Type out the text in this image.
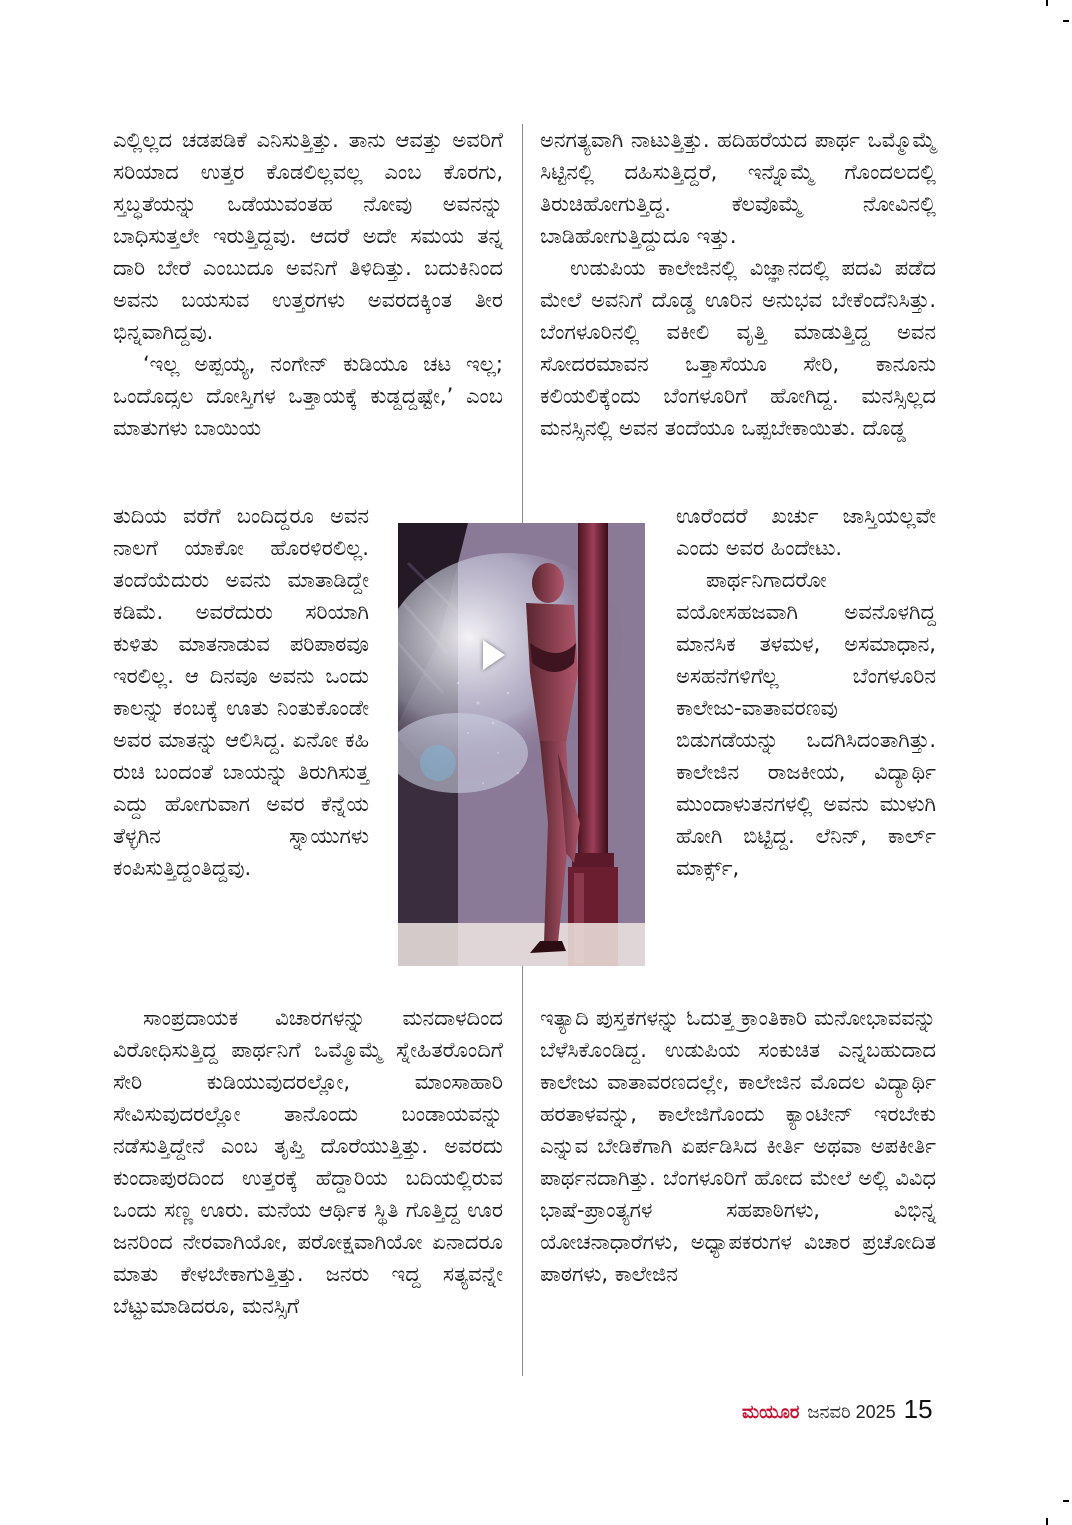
ಎಲ್ಲಿಲ್ಲದ ಚಡಪಡಿಕೆ ಎನಿಸುತ್ತಿತ್ತು. ತಾನು ಆವತ್ತು ಅವರಿಗೆ ಸರಿಯಾದ ಉತ್ತರ ಕೊಡಲಿಲ್ಲವಲ್ಲ ಎಂಬ ಕೊರಗು, ಸ್ತಬ್ಧತೆಯನ್ನು ಒಡೆಯುವಂತಹ ನೋವು ಅವನನ್ನು ಬಾಧಿಸುತ್ತಲೇ ಇರುತ್ತಿದ್ದವು. ಆದರೆ ಅದೇ ಸಮಯ ತನ್ನ ದಾರಿ ಬೇರೆ ಎಂಬುದೂ ಅವನಿಗೆ ತಿಳಿದಿತ್ತು. ಬದುಕಿನಿಂದ ಅವನು ಬಯಸುವ ಉತ್ತರಗಳು ಅವರದಕ್ಕಿಂತ ತೀರ ಭಿನ್ನವಾಗಿದ್ದವು.

‘ಇಲ್ಲ ಅಪ್ಪಯ್ಯ, ನಂಗೇನ್ ಕುಡಿಯೂ ಚಟ ಇಲ್ಲ; ಒಂದೊದ್ಸಲ ದೋಸ್ತಿಗಳ ಒತ್ತಾಯಕ್ಕೆ ಕುಡ್ದದ್ದಷ್ಟೇ,’ ಎಂಬ ಮಾತುಗಳು ಬಾಯಿಯ

ತುದಿಯ ವರೆಗೆ ಬಂದಿದ್ದರೂ ಅವನ ನಾಲಗೆ ಯಾಕೋ ಹೊರಳಿರಲಿಲ್ಲ. ತಂದೆಯೆದುರು ಅವನು ಮಾತಾಡಿದ್ದೇ ಕಡಿಮೆ. ಅವರೆದುರು ಸರಿಯಾಗಿ ಕುಳಿತು ಮಾತನಾಡುವ ಪರಿಪಾಠವೂ ಇರಲಿಲ್ಲ. ಆ ದಿನವೂ ಅವನು ಒಂದು ಕಾಲನ್ನು ಕಂಬಕ್ಕೆ ಊತು ನಿಂತುಕೊಂಡೇ ಅವರ ಮಾತನ್ನು ಆಲಿಸಿದ್ದ. ಏನೋ ಕಹಿ ರುಚಿ ಬಂದಂತೆ ಬಾಯನ್ನು ತಿರುಗಿಸುತ್ತ ಎದ್ದು ಹೋಗುವಾಗ ಅವರ ಕೆನ್ನೆಯ ತೆಳ್ಳಗಿನ ಸ್ನಾಯುಗಳು ಕಂಪಿಸುತ್ತಿದ್ದಂತಿದ್ದವು.

ಸಾಂಪ್ರದಾಯಕ ವಿಚಾರಗಳನ್ನು ಮನದಾಳದಿಂದ ವಿರೋಧಿಸುತ್ತಿದ್ದ ಪಾರ್ಥನಿಗೆ ಒಮ್ಮೊಮ್ಮೆ ಸ್ನೇಹಿತರೊಂದಿಗೆ ಸೇರಿ ಕುಡಿಯುವುದರಲ್ಲೋ, ಮಾಂಸಾಹಾರಿ ಸೇವಿಸುವುದರಲ್ಲೋ ತಾನೊಂದು ಬಂಡಾಯವನ್ನು ನಡೆಸುತ್ತಿದ್ದೇನೆ ಎಂಬ ತೃಪ್ತಿ ದೊರೆಯುತ್ತಿತ್ತು. ಅವರದು ಕುಂದಾಪುರದಿಂದ ಉತ್ತರಕ್ಕೆ ಹೆದ್ದಾರಿಯ ಬದಿಯಲ್ಲಿರುವ ಒಂದು ಸಣ್ಣ ಊರು. ಮನೆಯ ಆರ್ಥಿಕ ಸ್ಥಿತಿ ಗೊತ್ತಿದ್ದ ಊರ ಜನರಿಂದ ನೇರವಾಗಿಯೋ, ಪರೋಕ್ಷವಾಗಿಯೋ ಏನಾದರೂ ಮಾತು ಕೇಳಬೇಕಾಗುತ್ತಿತ್ತು. ಜನರು ಇದ್ದ ಸತ್ಯವನ್ನೇ ಬೆಟ್ಟುಮಾಡಿದರೂ, ಮನಸ್ಸಿಗೆ

ಅನಗತ್ಯವಾಗಿ ನಾಟುತ್ತಿತ್ತು. ಹದಿಹರೆಯದ ಪಾರ್ಥ ಒಮ್ಮೊಮ್ಮೆ ಸಿಟ್ಟಿನಲ್ಲಿ ದಹಿಸುತ್ತಿದ್ದರೆ, ಇನ್ನೊಮ್ಮೆ ಗೊಂದಲದಲ್ಲಿ ತಿರುಚಿಹೋಗುತ್ತಿದ್ದ. ಕೆಲವೊಮ್ಮೆ ನೋವಿನಲ್ಲಿ ಬಾಡಿಹೋಗುತ್ತಿದ್ದುದೂ ಇತ್ತು.

ಉಡುಪಿಯ ಕಾಲೇಜಿನಲ್ಲಿ ವಿಜ್ಞಾನದಲ್ಲಿ ಪದವಿ ಪಡೆದ ಮೇಲೆ ಅವನಿಗೆ ದೊಡ್ಡ ಊರಿನ ಅನುಭವ ಬೇಕೆಂದೆನಿಸಿತ್ತು. ಬೆಂಗಳೂರಿನಲ್ಲಿ ವಕೀಲಿ ವೃತ್ತಿ ಮಾಡುತ್ತಿದ್ದ ಅವನ ಸೋದರಮಾವನ ಒತ್ತಾಸೆಯೂ ಸೇರಿ, ಕಾನೂನು ಕಲಿಯಲಿಕ್ಕೆಂದು ಬೆಂಗಳೂರಿಗೆ ಹೋಗಿದ್ದ. ಮನಸ್ಸಿಲ್ಲದ ಮನಸ್ಸಿನಲ್ಲಿ ಅವನ ತಂದೆಯೂ ಒಪ್ಪಬೇಕಾಯಿತು. ದೊಡ್ಡ

ಊರೆಂದರೆ ಖರ್ಚು ಜಾಸ್ತಿಯಲ್ಲವೇ ಎಂದು ಅವರ ಹಿಂದೇಟು.

ಪಾರ್ಥನಿಗಾದರೋ ವಯೋಸಹಜವಾಗಿ ಅವನೊಳಗಿದ್ದ ಮಾನಸಿಕ ತಳಮಳ, ಅಸಮಾಧಾನ, ಅಸಹನೆಗಳಿಗೆಲ್ಲ ಬೆಂಗಳೂರಿನ ಕಾಲೇಜು-ವಾತಾವರಣವು ಬಿಡುಗಡೆಯನ್ನು ಒದಗಿಸಿದಂತಾಗಿತ್ತು. ಕಾಲೇಜಿನ ರಾಜಕೀಯ, ವಿದ್ಯಾರ್ಥಿ ಮುಂದಾಳುತನಗಳಲ್ಲಿ ಅವನು ಮುಳುಗಿ ಹೋಗಿ ಬಿಟ್ಟಿದ್ದ. ಲೆನಿನ್, ಕಾರ್ಲ್ ಮಾರ್ಕ್ಸ್,

ಇತ್ಯಾದಿ ಪುಸ್ತಕಗಳನ್ನು ಓದುತ್ತ ಕ್ರಾಂತಿಕಾರಿ ಮನೋಭಾವವನ್ನು ಬೆಳೆಸಿಕೊಂಡಿದ್ದ. ಉಡುಪಿಯ ಸಂಕುಚಿತ ಎನ್ನಬಹುದಾದ ಕಾಲೇಜು ವಾತಾವರಣದಲ್ಲೇ, ಕಾಲೇಜಿನ ಮೊದಲ ವಿದ್ಯಾರ್ಥಿ ಹರತಾಳವನ್ನು, ಕಾಲೇಜಿಗೊಂದು ಕ್ಯಾಂಟೀನ್ ಇರಬೇಕು ಎನ್ನುವ ಬೇಡಿಕೆಗಾಗಿ ಏರ್ಪಡಿಸಿದ ಕೀರ್ತಿ ಅಥವಾ ಅಪಕೀರ್ತಿ ಪಾರ್ಥನದಾಗಿತ್ತು. ಬೆಂಗಳೂರಿಗೆ ಹೋದ ಮೇಲೆ ಅಲ್ಲಿ ವಿವಿಧ ಭಾಷೆ-ಪ್ರಾಂತ್ಯಗಳ ಸಹಪಾಠಿಗಳು, ವಿಭಿನ್ನ ಯೋಚನಾಧಾರೆಗಳು, ಅಧ್ಯಾಪಕರುಗಳ ವಿಚಾರ ಪ್ರಚೋದಿತ ಪಾಠಗಳು, ಕಾಲೇಜಿನ

ಮಯೂರ ಜನವರಿ 2025 15
